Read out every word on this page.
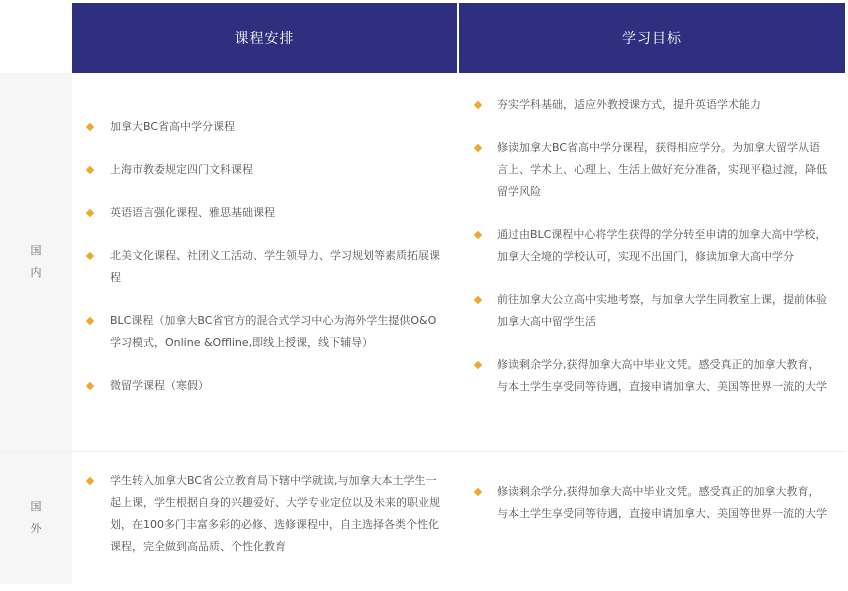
课程安排	学习目标
国内
国外
加拿大BC省高中学分课程
上海市教委规定四门文科课程
英语语言强化课程、雅思基础课程
北美文化课程、社团义工活动、学生领导力、学习规划等素质拓展课程
BLC课程（加拿大BC省官方的混合式学习中心为海外学生提供O&O学习模式，Online &Offline,即线上授课，线下辅导）
微留学课程（寒假）
夯实学科基础，适应外教授课方式，提升英语学术能力
修读加拿大BC省高中学分课程，获得相应学分。为加拿大留学从语言上、学术上、心理上、生活上做好充分准备，实现平稳过渡，降低留学风险
通过由BLC课程中心将学生获得的学分转至申请的加拿大高中学校，加拿大全境的学校认可，实现不出国门，修读加拿大高中学分
前往加拿大公立高中实地考察，与加拿大学生同教室上课，提前体验加拿大高中留学生活
修读剩余学分,获得加拿大高中毕业文凭。感受真正的加拿大教育，与本土学生享受同等待遇，直接申请加拿大、美国等世界一流的大学
学生转入加拿大BC省公立教育局下辖中学就读,与加拿大本土学生一起上课，学生根据自身的兴趣爱好、大学专业定位以及未来的职业规划，在100多门丰富多彩的必修、选修课程中，自主选择各类个性化课程，完全做到高品质、个性化教育
修读剩余学分,获得加拿大高中毕业文凭。感受真正的加拿大教育，与本土学生享受同等待遇，直接申请加拿大、美国等世界一流的大学
